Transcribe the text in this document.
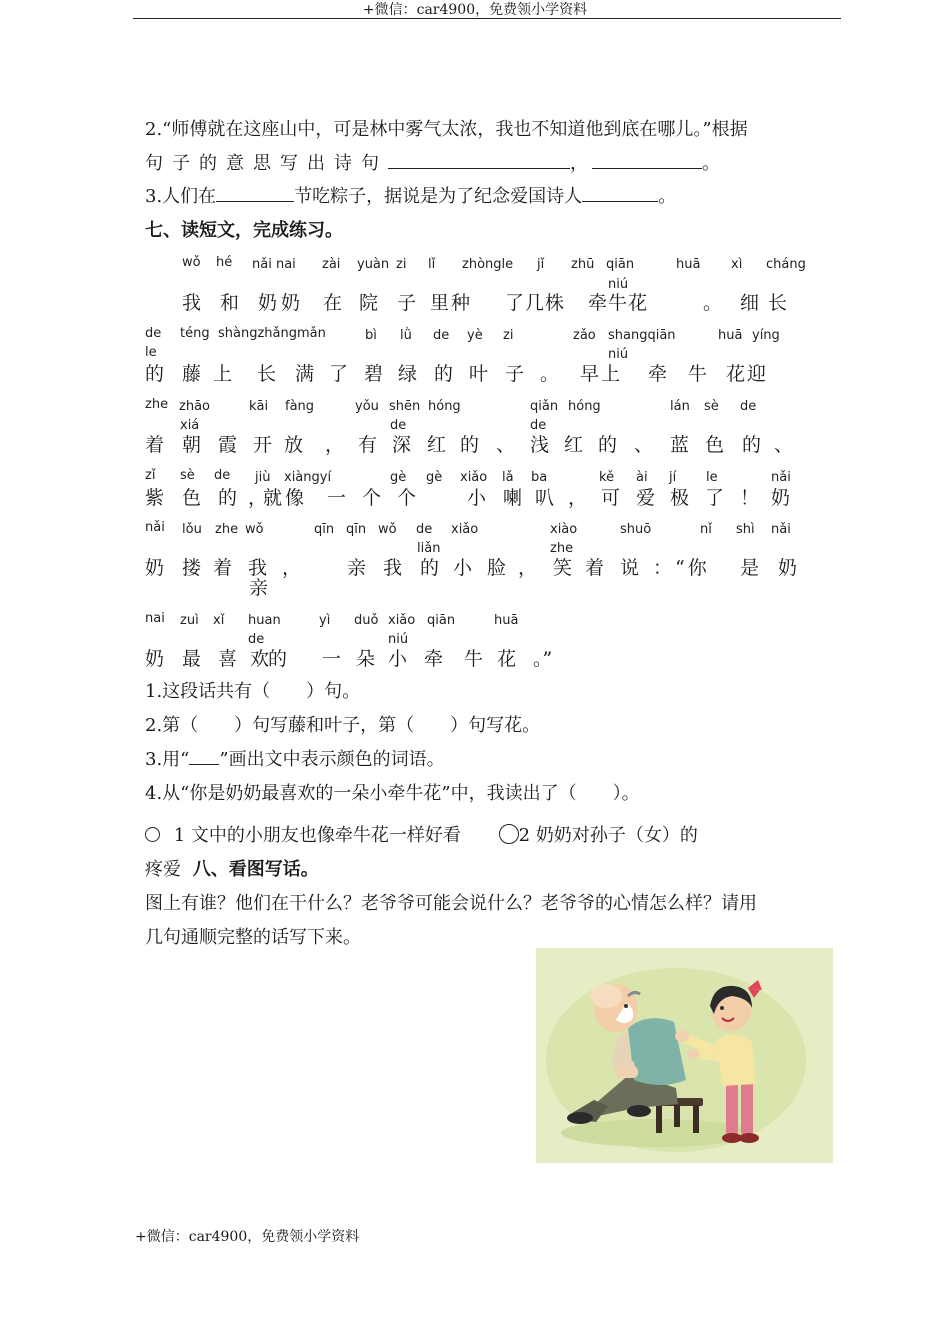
+微信：car4900，免费领小学资料
+微信：car4900，免费领小学资料
2.“师傅就在这座山中，可是林中雾气太浓，我也不知道他到底在哪儿。”根据
句子的意思写出诗句	，	。
3.人们在	节吃粽子，据说是为了纪念爱国诗人	。
七、读短文，完成练习。
wǒ hé nǎi nai zài yuàn zi lǐ zhòngle jǐ zhū qiān	huā xì cháng
niú
我 和 奶奶 在 院 子 里种 了几株 牵牛花	。 细 长
de téng shàngzhǎngmǎn	bì lǜ de yè zi	zǎo shangqiān	huā yíng
le	niú
的 藤上 长 满 了 碧 绿 的 叶 子 。 早上 牵 牛 花迎
zhe zhāo	kāi fàng	yǒu shēn hóng	qiǎn hóng	lán sè de
xiá	de	de
着 朝 霞 开放 ， 有 深 红 的 、 浅 红 的 、 蓝 色 的 、
zǐ sè de jiù xiàngyí	gè gè xiǎo lǎ ba	kě ài jí le	nǎi
紫 色 的 ，
就像 一 个 个	小 喇 叭 ， 可 爱 极 了 ！ 奶
nǎi lǒu zhe wǒ	qīn qīn wǒ de xiǎo
liǎn
xiào
zhe
shuō	nǐ shì nǎi
奶 搂 着 我 ， 亲 我 的 小 脸 ， 笑 着 说 ：“你 是 奶
亲
nai zuì xǐ huan
de
yì duǒ xiǎo qiān
niú
huā
奶 最 喜 欢的 一 朵 小 牵 牛 花 。”
1.这段话共有（　　）句。
2.第（　　）句写藤和叶子，第（　　）句写花。
3.用“ ”画出文中表示颜色的词语。
4.从“你是奶奶最喜欢的一朵小牵牛花”中，我读出了（　　）。
1 文中的小朋友也像牵牛花一样好看	2 奶奶对孙子（女）的
疼爱 八、看图写话。
图上有谁？他们在干什么？老爷爷可能会说什么？老爷爷的心情怎么样？请用
几句通顺完整的话写下来。
